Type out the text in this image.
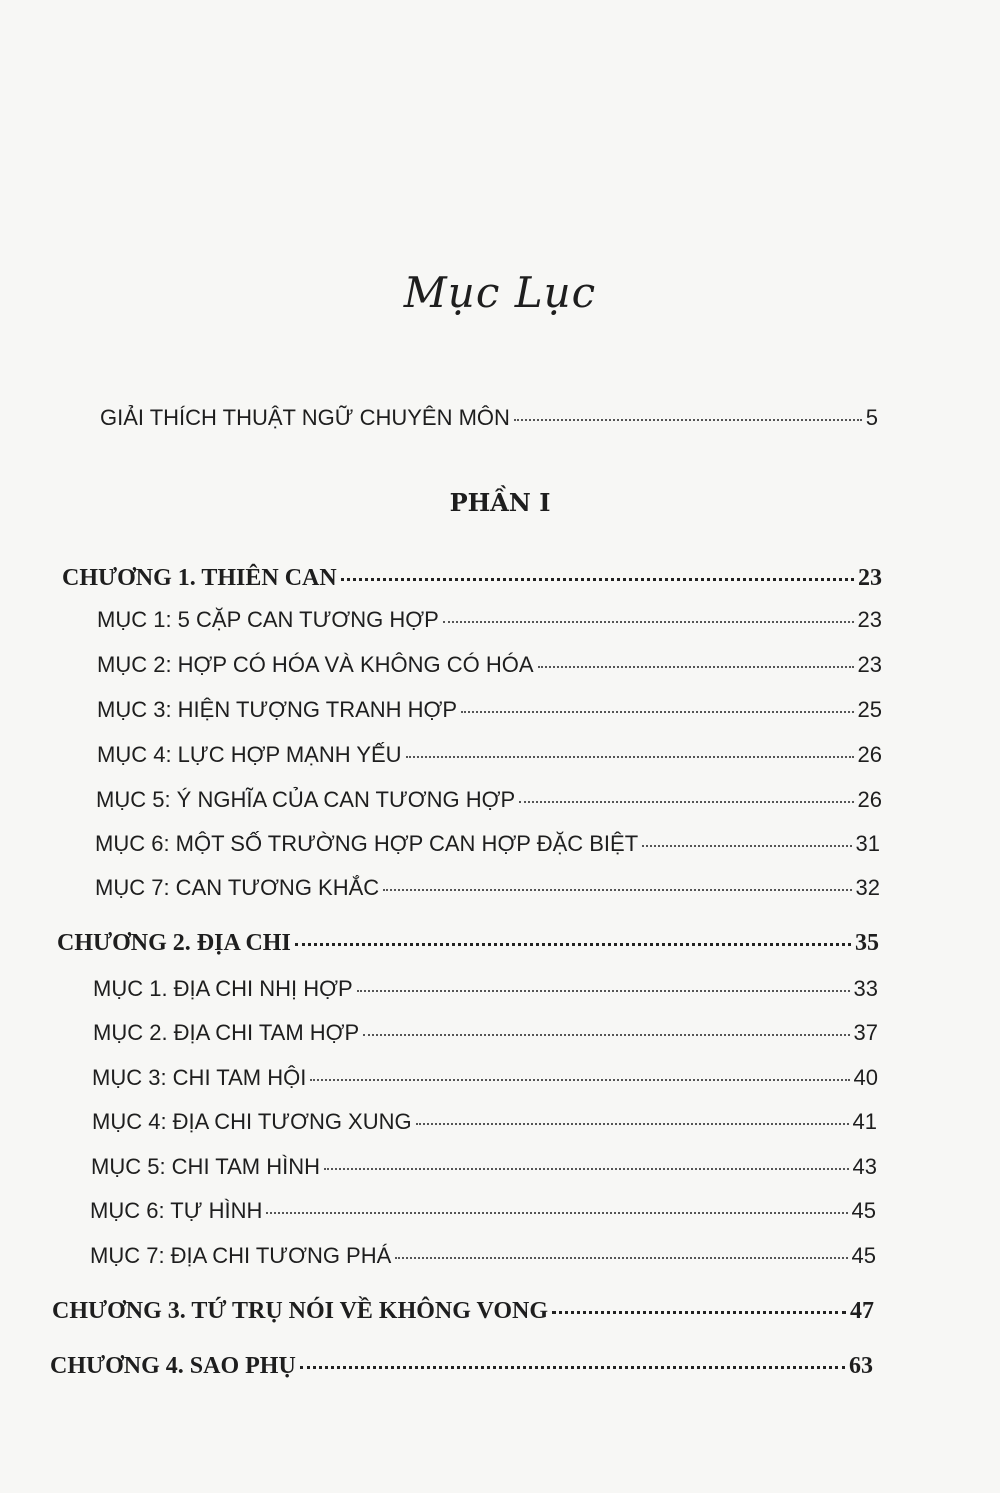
Mục Lục
GIẢI THÍCH THUẬT NGỮ CHUYÊN MÔN	5
PHẦN I
CHƯƠNG 1. THIÊN CAN	23
MỤC 1: 5 CẶP CAN TƯƠNG HỢP	23
MỤC 2: HỢP CÓ HÓA VÀ KHÔNG CÓ HÓA	23
MỤC 3: HIỆN TƯỢNG TRANH HỢP	25
MỤC 4: LỰC HỢP MẠNH YẾU	26
MỤC 5: Ý NGHĨA CỦA CAN TƯƠNG HỢP	26
MỤC 6: MỘT SỐ TRƯỜNG HỢP CAN HỢP ĐẶC BIỆT	31
MỤC 7: CAN TƯƠNG KHẮC	32
CHƯƠNG 2. ĐỊA CHI	35
MỤC 1. ĐỊA CHI NHỊ HỢP	33
MỤC 2. ĐỊA CHI TAM HỢP	37
MỤC 3: CHI TAM HỘI	40
MỤC 4: ĐỊA CHI TƯƠNG XUNG	41
MỤC 5: CHI TAM HÌNH	43
MỤC 6: TỰ HÌNH	45
MỤC 7: ĐỊA CHI TƯƠNG PHÁ	45
CHƯƠNG 3. TỨ TRỤ NÓI VỀ KHÔNG VONG	47
CHƯƠNG 4. SAO PHỤ	63
